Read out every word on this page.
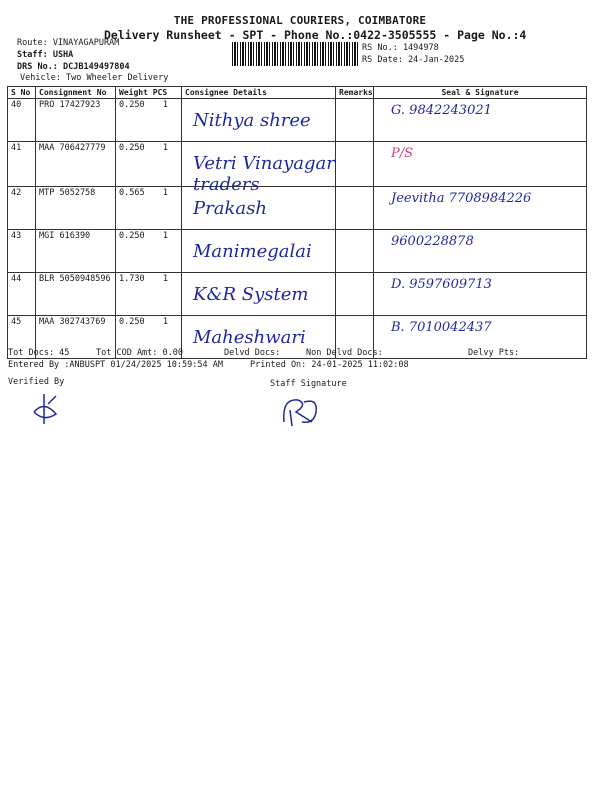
THE PROFESSIONAL COURIERS, COIMBATORE
Delivery Runsheet - SPT - Phone No.:0422-3505555 - Page No.:4
Route: VINAYAGAPURAM
Staff: USHA
DRS No.: DCJB149497804
Vehicle: Two Wheeler Delivery
RS No.: 1494978
RS Date: 24-Jan-2025
S No	Consignment No	Weight PCS	Consignee Details	Remarks	Seal & Signature
40	PRO 17427923	0.250 1	Nithya shree		G. 9842243021
41	MAA 706427779	0.250 1	Vetri Vinayagar traders		P/S
42	MTP 5052758	0.565 1	Prakash		Jeevitha 7708984226
43	MGI 616390	0.250 1	Manimegalai		9600228878
44	BLR 5050948596	1.730 1	K&R System		D. 9597609713
45	MAA 302743769	0.250 1	Maheshwari		B. 7010042437
Tot Docs: 45	Tot COD Amt: 0.00	Delvd Docs:	Non Delvd Docs:	Delvy Pts:
Entered By :ANBUSPT 01/24/2025 10:59:54 AM	Printed On: 24-01-2025 11:02:08
Verified By	Staff Signature
